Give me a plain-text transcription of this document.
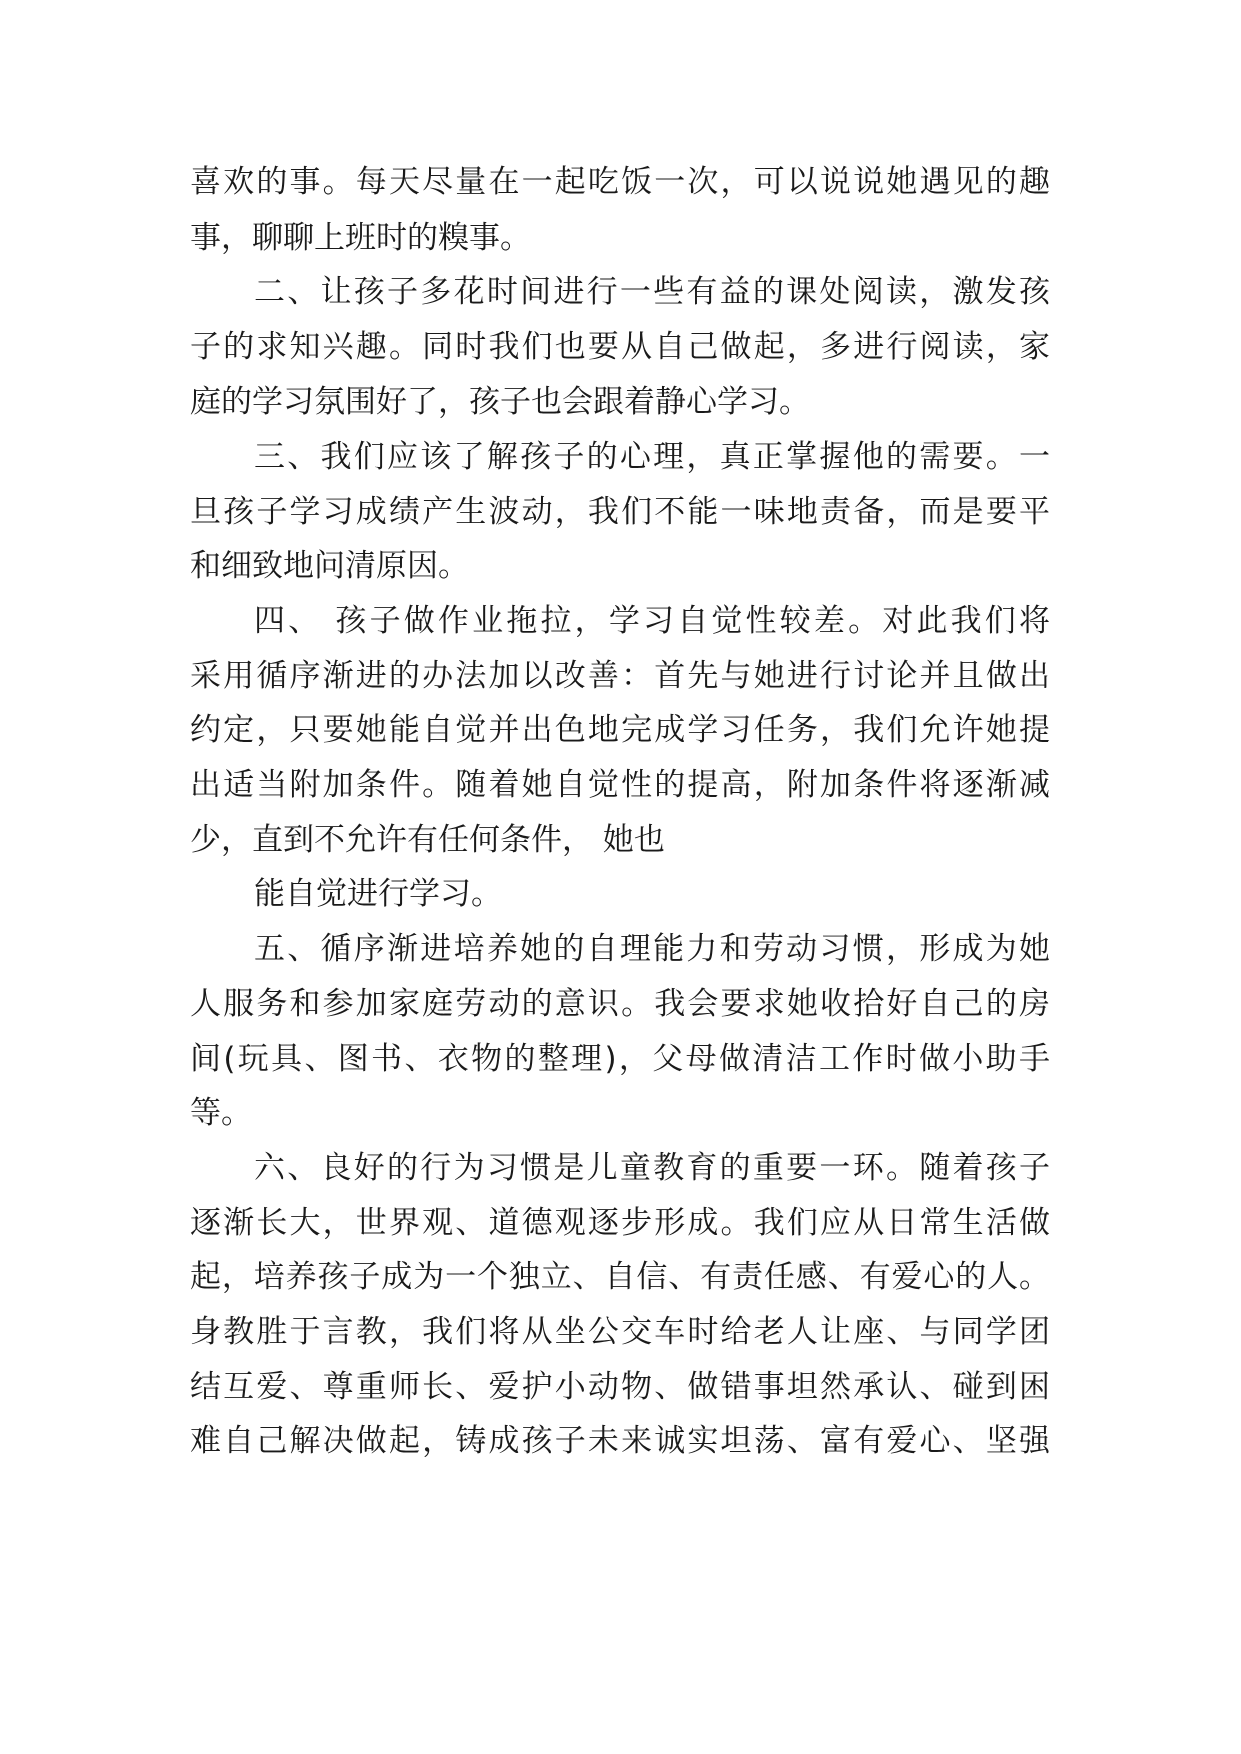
喜欢的事。每天尽量在一起吃饭一次，可以说说她遇见的趣
事，聊聊上班时的糗事。
二、让孩子多花时间进行一些有益的课处阅读，激发孩
子的求知兴趣。同时我们也要从自己做起，多进行阅读，家
庭的学习氛围好了，孩子也会跟着静心学习。
三、我们应该了解孩子的心理，真正掌握他的需要。一
旦孩子学习成绩产生波动，我们不能一味地责备，而是要平
和细致地问清原因。
四、 孩子做作业拖拉，学习自觉性较差。对此我们将
采用循序渐进的办法加以改善：首先与她进行讨论并且做出
约定，只要她能自觉并出色地完成学习任务，我们允许她提
出适当附加条件。随着她自觉性的提高，附加条件将逐渐减
少，直到不允许有任何条件， 她也
能自觉进行学习。
五、循序渐进培养她的自理能力和劳动习惯，形成为她
人服务和参加家庭劳动的意识。我会要求她收拾好自己的房
间(玩具、图书、衣物的整理)，父母做清洁工作时做小助手
等。
六、良好的行为习惯是儿童教育的重要一环。随着孩子
逐渐长大，世界观、道德观逐步形成。我们应从日常生活做
起，培养孩子成为一个独立、自信、有责任感、有爱心的人。
身教胜于言教，我们将从坐公交车时给老人让座、与同学团
结互爱、尊重师长、爱护小动物、做错事坦然承认、碰到困
难自己解决做起，铸成孩子未来诚实坦荡、富有爱心、坚强
